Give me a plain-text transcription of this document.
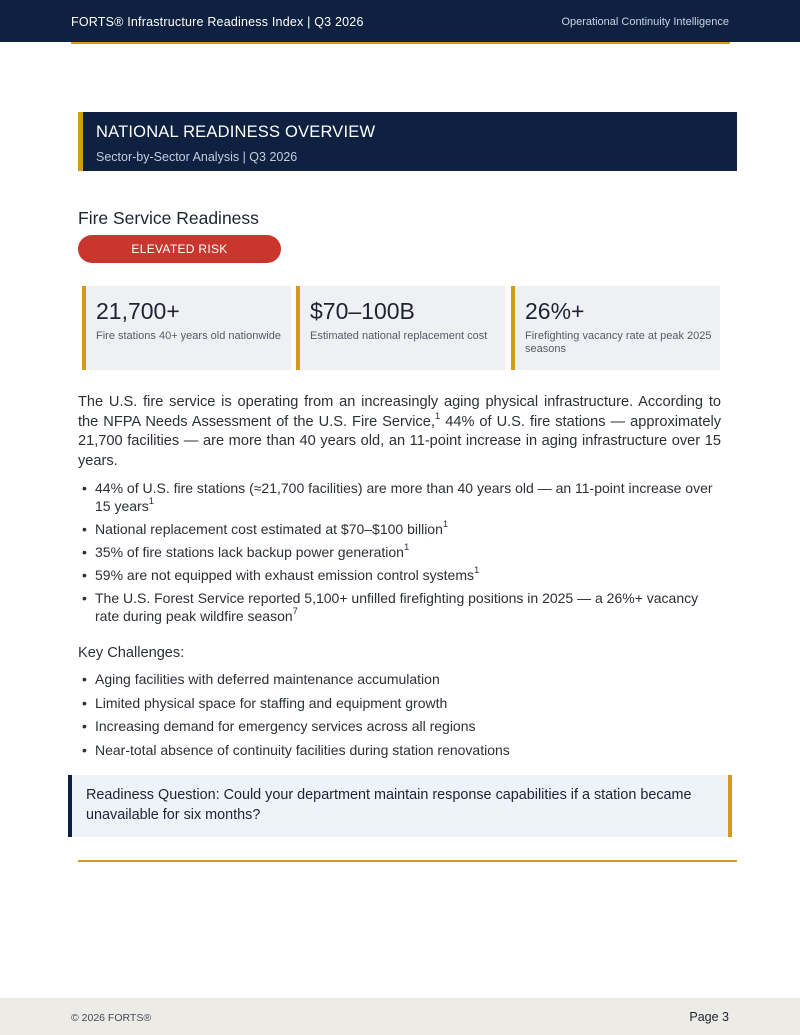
FORTS® Infrastructure Readiness Index | Q3 2026	Operational Continuity Intelligence
NATIONAL READINESS OVERVIEW
Sector-by-Sector Analysis | Q3 2026
Fire Service Readiness
ELEVATED RISK
21,700+
Fire stations 40+ years old nationwide
$70–100B
Estimated national replacement cost
26%+
Firefighting vacancy rate at peak 2025 seasons
The U.S. fire service is operating from an increasingly aging physical infrastructure. According to the NFPA Needs Assessment of the U.S. Fire Service,$^1$ 44% of U.S. fire stations — approximately 21,700 facilities — are more than 40 years old, an 11-point increase in aging infrastructure over 15 years.
• 44% of U.S. fire stations (≈21,700 facilities) are more than 40 years old — an 11-point increase over 15 years$^1$
• National replacement cost estimated at $70–$100 billion$^1$
• 35% of fire stations lack backup power generation$^1$
• 59% are not equipped with exhaust emission control systems$^1$
• The U.S. Forest Service reported 5,100+ unfilled firefighting positions in 2025 — a 26%+ vacancy rate during peak wildfire season$^7$
Key Challenges:
• Aging facilities with deferred maintenance accumulation
• Limited physical space for staffing and equipment growth
• Increasing demand for emergency services across all regions
• Near-total absence of continuity facilities during station renovations
Readiness Question: Could your department maintain response capabilities if a station became unavailable for six months?
© 2026 FORTS®	Page 3
